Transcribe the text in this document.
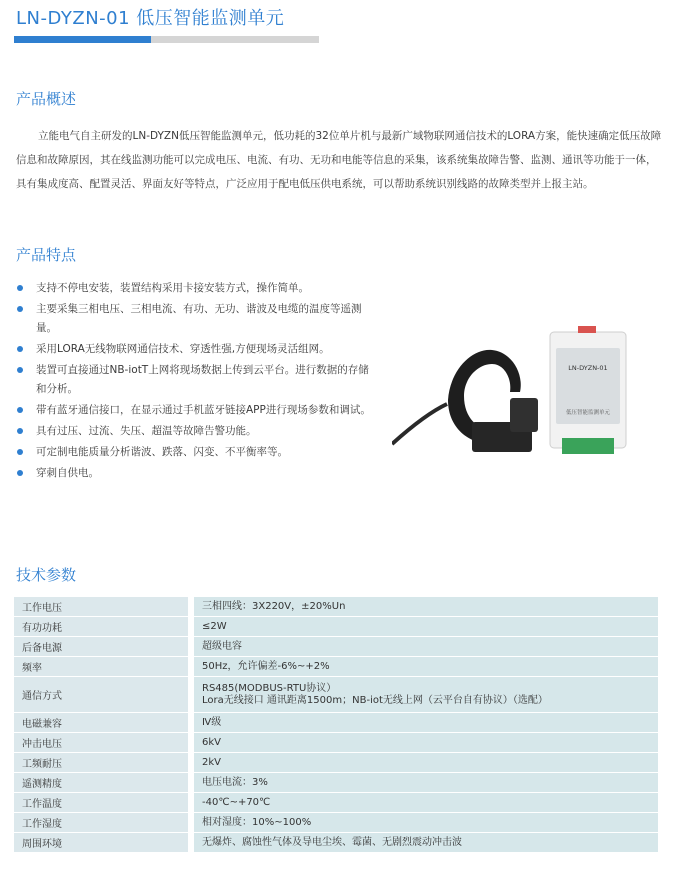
LN-DYZN-01 低压智能监测单元
产品概述

立能电气自主研发的LN-DYZN低压智能监测单元，低功耗的32位单片机与最新广域物联网通信技术的LORA方案，能快速确定低压故障信息和故障原因，其在线监测功能可以完成电压、电流、有功、无功和电能等信息的采集，该系统集故障告警、监测、通讯等功能于一体，具有集成度高、配置灵活、界面友好等特点，广泛应用于配电低压供电系统，可以帮助系统识别线路的故障类型并上报主站。

产品特点
支持不停电安装，装置结构采用卡接安装方式，操作简单。
主要采集三相电压、三相电流、有功、无功、谐波及电缆的温度等遥测量。
采用LORA无线物联网通信技术、穿透性强,方便现场灵活组网。
装置可直接通过NB-iotT上网将现场数据上传到云平台。进行数据的存储和分析。
带有蓝牙通信接口，在显示通过手机蓝牙链接APP进行现场参数和调试。
具有过压、过流、失压、超温等故障告警功能。
可定制电能质量分析谐波、跌落、闪变、不平衡率等。
穿刺自供电。
LN-DYZN-01
低压智能监测单元
技术参数
工作电压	三相四线：3X220V，±20%Un
有功功耗	≤2W
后备电源	超级电容
频率	50Hz，允许偏差-6%~+2%
通信方式	RS485(MODBUS-RTU协议）
Lora无线接口 通讯距离1500m；NB-iot无线上网（云平台自有协议）（选配）

电磁兼容	Ⅳ级
冲击电压	6kV
工频耐压	2kV
遥测精度	电压电流：3%
工作温度	-40℃~+70℃
工作湿度	相对湿度：10%~100%
周围环境	无爆炸、腐蚀性气体及导电尘埃、霉菌、无剧烈震动冲击波
